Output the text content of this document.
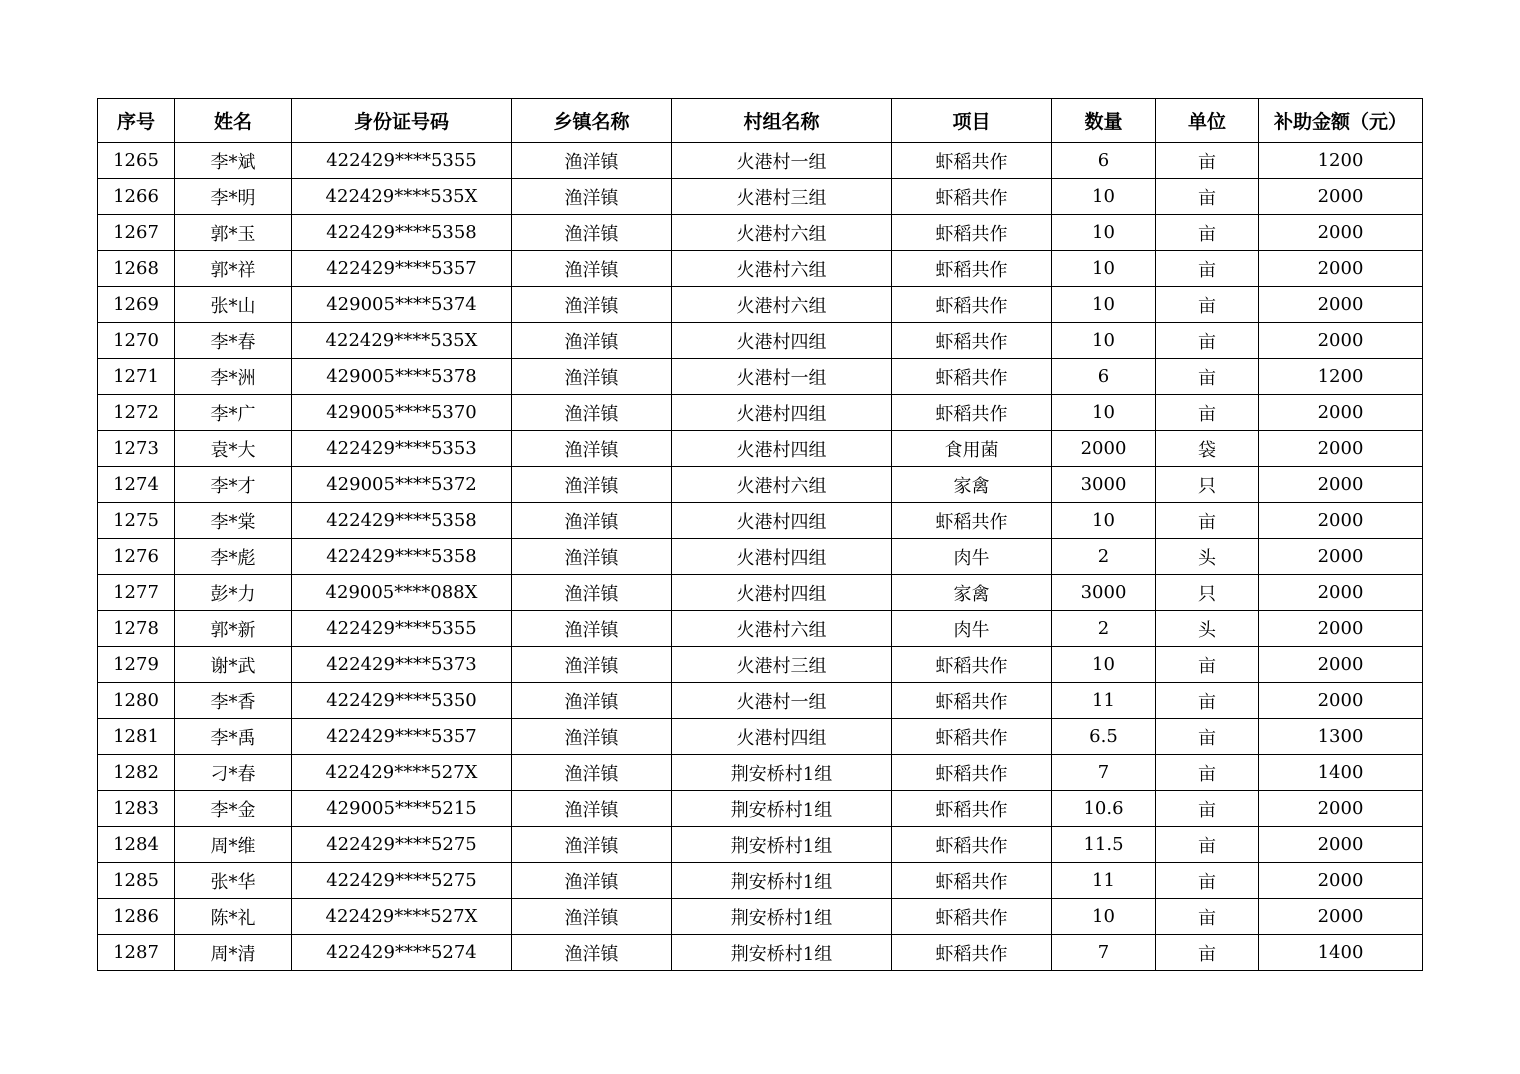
序号	姓名	身份证号码	乡镇名称	村组名称	项目	数量	单位	补助金额（元）
1265	李*斌	422429****5355	渔洋镇	火港村一组	虾稻共作	6	亩	1200
1266	李*明	422429****535X	渔洋镇	火港村三组	虾稻共作	10	亩	2000
1267	郭*玉	422429****5358	渔洋镇	火港村六组	虾稻共作	10	亩	2000
1268	郭*祥	422429****5357	渔洋镇	火港村六组	虾稻共作	10	亩	2000
1269	张*山	429005****5374	渔洋镇	火港村六组	虾稻共作	10	亩	2000
1270	李*春	422429****535X	渔洋镇	火港村四组	虾稻共作	10	亩	2000
1271	李*洲	429005****5378	渔洋镇	火港村一组	虾稻共作	6	亩	1200
1272	李*广	429005****5370	渔洋镇	火港村四组	虾稻共作	10	亩	2000
1273	袁*大	422429****5353	渔洋镇	火港村四组	食用菌	2000	袋	2000
1274	李*才	429005****5372	渔洋镇	火港村六组	家禽	3000	只	2000
1275	李*棠	422429****5358	渔洋镇	火港村四组	虾稻共作	10	亩	2000
1276	李*彪	422429****5358	渔洋镇	火港村四组	肉牛	2	头	2000
1277	彭*力	429005****088X	渔洋镇	火港村四组	家禽	3000	只	2000
1278	郭*新	422429****5355	渔洋镇	火港村六组	肉牛	2	头	2000
1279	谢*武	422429****5373	渔洋镇	火港村三组	虾稻共作	10	亩	2000
1280	李*香	422429****5350	渔洋镇	火港村一组	虾稻共作	11	亩	2000
1281	李*禹	422429****5357	渔洋镇	火港村四组	虾稻共作	6.5	亩	1300
1282	刁*春	422429****527X	渔洋镇	荆安桥村1组	虾稻共作	7	亩	1400
1283	李*金	429005****5215	渔洋镇	荆安桥村1组	虾稻共作	10.6	亩	2000
1284	周*维	422429****5275	渔洋镇	荆安桥村1组	虾稻共作	11.5	亩	2000
1285	张*华	422429****5275	渔洋镇	荆安桥村1组	虾稻共作	11	亩	2000
1286	陈*礼	422429****527X	渔洋镇	荆安桥村1组	虾稻共作	10	亩	2000
1287	周*清	422429****5274	渔洋镇	荆安桥村1组	虾稻共作	7	亩	1400
